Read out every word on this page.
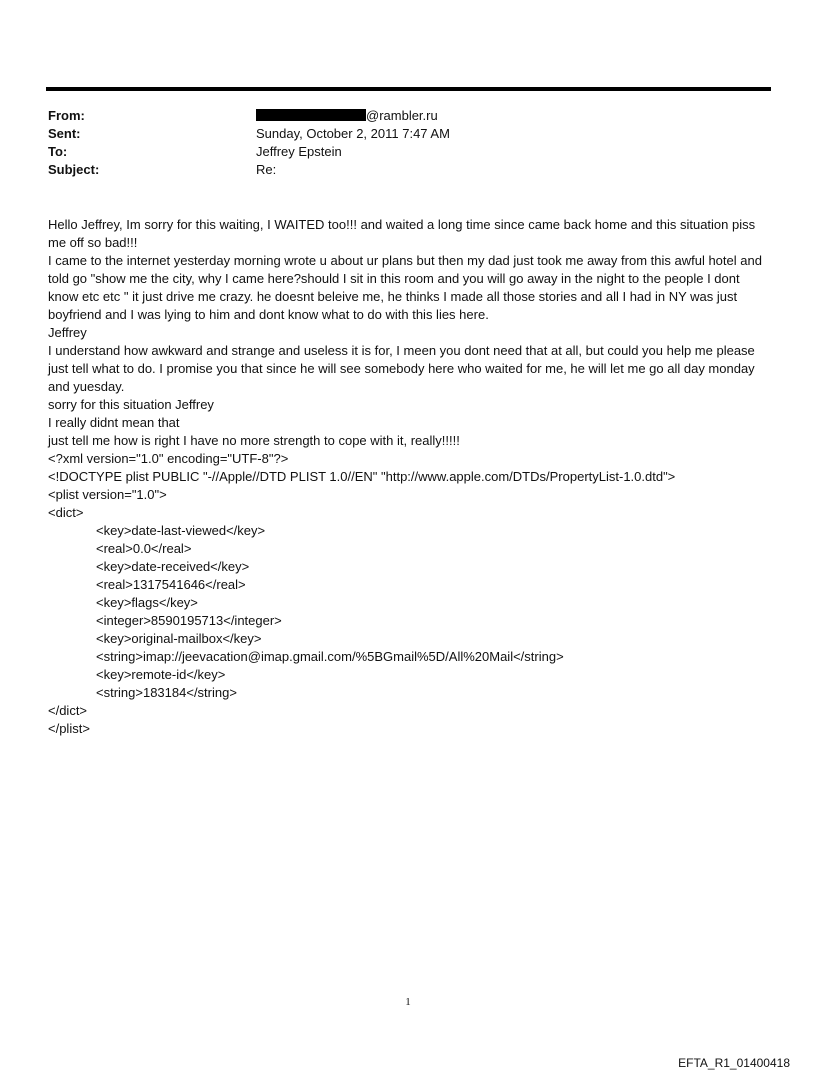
From:	@rambler.ru
Sent:	Sunday, October 2, 2011 7:47 AM
To:	Jeffrey Epstein
Subject:	Re:
Hello Jeffrey, Im sorry for this waiting, I WAITED too!!! and waited a long time since came back home and this situation piss me off so bad!!!
I came to the internet yesterday morning wrote u about ur plans but then my dad just took me away from this awful hotel and told go "show me the city, why I came here?should I sit in this room and you will go away in the night to the people I dont know etc etc " it just drive me crazy. he doesnt beleive me, he thinks I made all those stories and all I had in NY was just boyfriend and I was lying to him and dont know what to do with this lies here.
Jeffrey
I understand how awkward and strange and useless it is for, I meen you dont need that at all, but could you help me please just tell what to do. I promise you that since he will see somebody here who waited for me, he will let me go all day monday and yuesday.
sorry for this situation Jeffrey
I really didnt mean that
just tell me how is right I have no more strength to cope with it, really!!!!!
<?xml version="1.0" encoding="UTF-8"?>
<!DOCTYPE plist PUBLIC "-//Apple//DTD PLIST 1.0//EN" "http://www.apple.com/DTDs/PropertyList-1.0.dtd">
<plist version="1.0">
<dict>
<key>date-last-viewed</key>
<real>0.0</real>
<key>date-received</key>
<real>1317541646</real>
<key>flags</key>
<integer>8590195713</integer>
<key>original-mailbox</key>
<string>imap://jeevacation@imap.gmail.com/%5BGmail%5D/All%20Mail</string>
<key>remote-id</key>
<string>183184</string>
</dict>
</plist>
1
EFTA_R1_01400418
